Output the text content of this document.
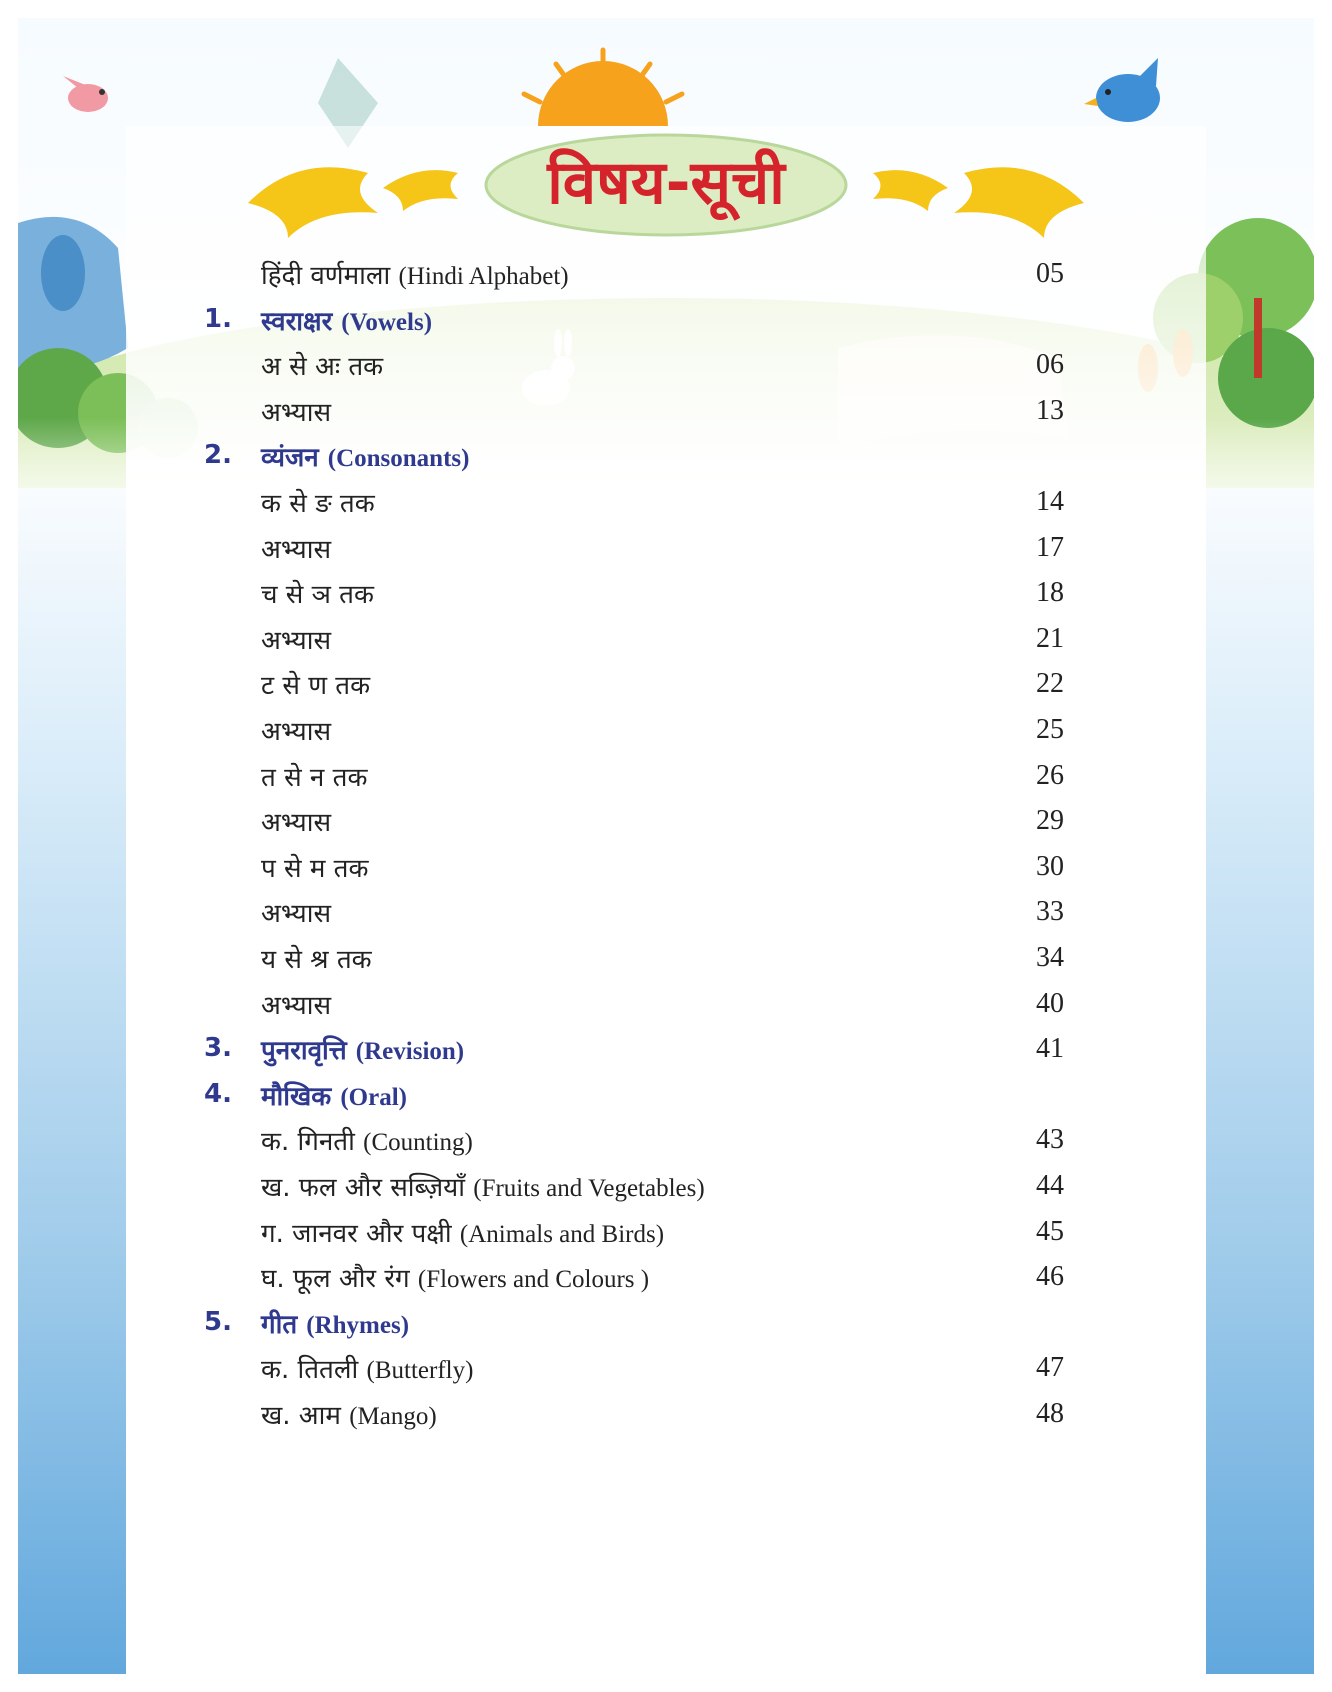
विषय-सूची
हिंदी वर्णमाला (Hindi Alphabet)	05
1. स्वराक्षर (Vowels)
अ से अः तक	06
अभ्यास	13
2. व्यंजन (Consonants)
क से ङ तक	14
अभ्यास	17
च से ञ तक	18
अभ्यास	21
ट से ण तक	22
अभ्यास	25
त से न तक	26
अभ्यास	29
प से म तक	30
अभ्यास	33
य से श्र तक	34
अभ्यास	40
3. पुनरावृत्ति (Revision)	41
4. मौखिक (Oral)
क. गिनती (Counting)	43
ख. फल और सब्ज़ियाँ (Fruits and Vegetables)	44
ग. जानवर और पक्षी (Animals and Birds)	45
घ. फूल और रंग (Flowers and Colours )	46
5. गीत (Rhymes)
क. तितली (Butterfly)	47
ख. आम (Mango)	48
